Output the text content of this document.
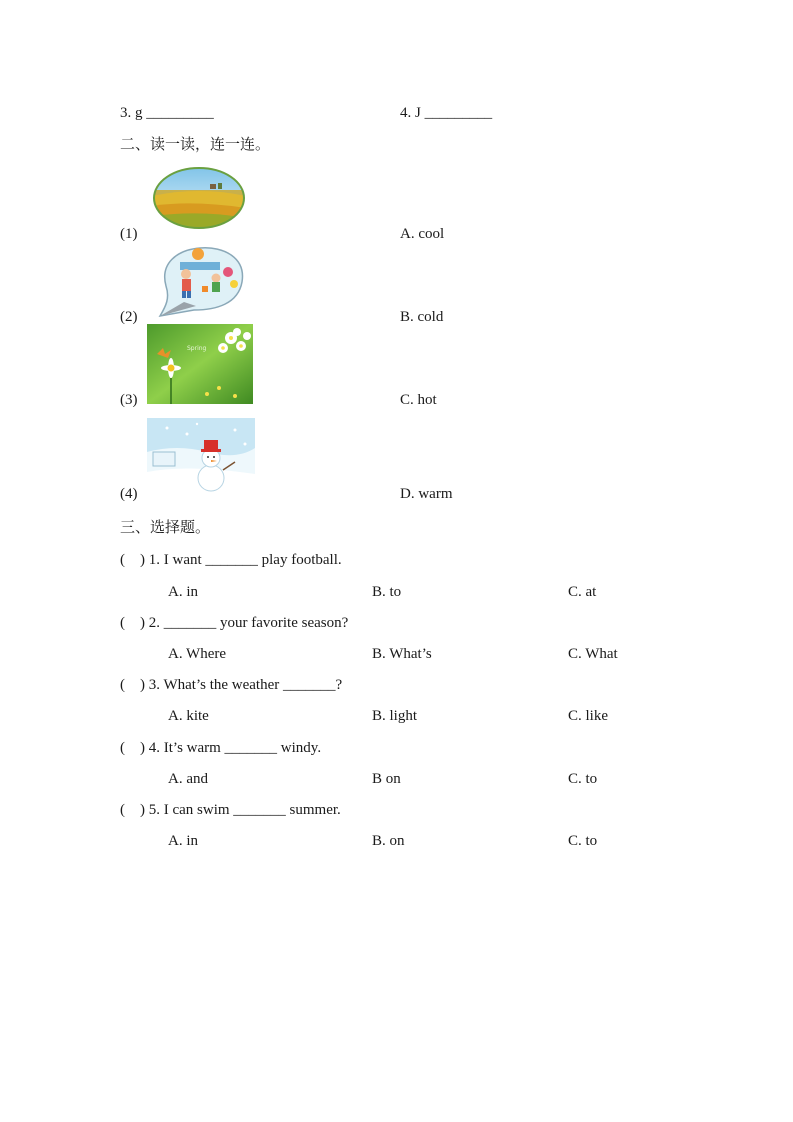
3. g _________	4. J _________
二、读一读，连一连。
(1)	A. cool
(2)	B. cold
Spring
(3)	C. hot
(4)	D. warm
三、选择题。
(    ) 1. I want _______ play football.
A. in	B. to	C. at
(    ) 2. _______ your favorite season?
A. Where	B. What’s	C. What
(    ) 3. What’s the weather _______?
A. kite	B. light	C. like
(    ) 4. It’s warm _______ windy.
A. and	B on	C. to
(    ) 5. I can swim _______ summer.
A. in	B. on	C. to
